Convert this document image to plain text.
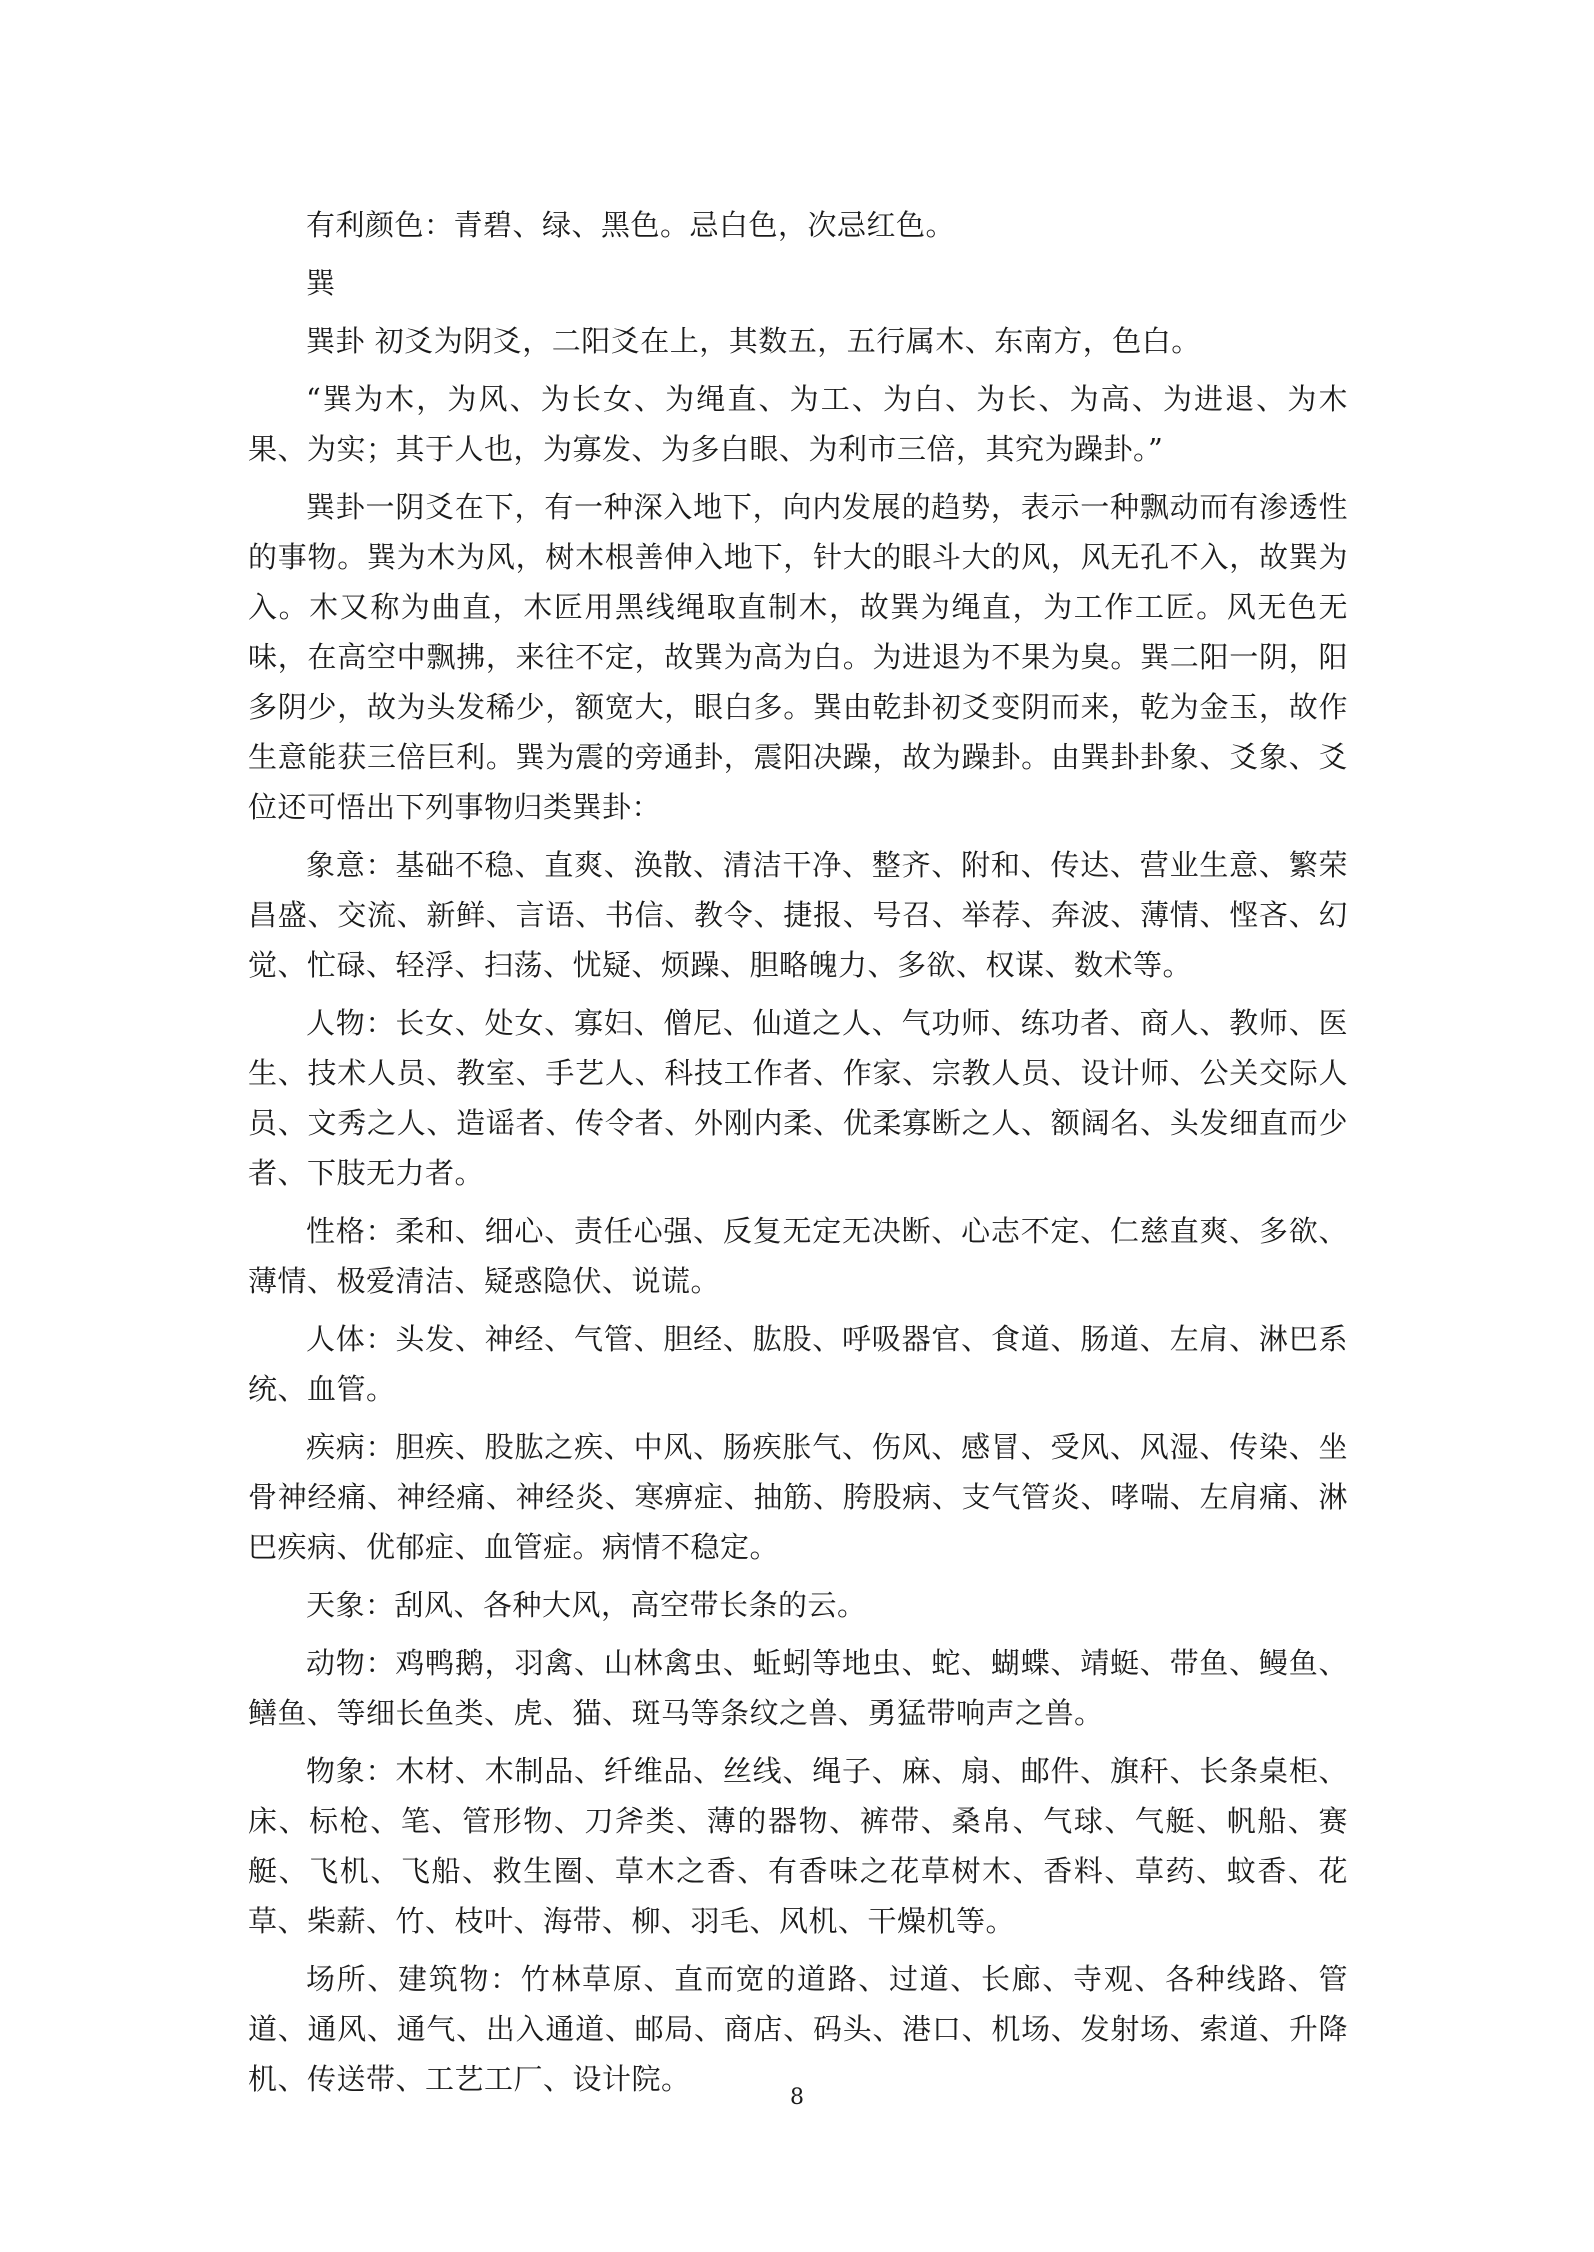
有利颜色：青碧、绿、黑色。忌白色，次忌红色。

巽

巽卦 初爻为阴爻，二阳爻在上，其数五，五行属木、东南方，色白。

“巽为木，为风、为长女、为绳直、为工、为白、为长、为高、为进退、为木果、为实；其于人也，为寡发、为多白眼、为利市三倍，其究为躁卦。”

巽卦一阴爻在下，有一种深入地下，向内发展的趋势，表示一种飘动而有渗透性的事物。巽为木为风，树木根善伸入地下，针大的眼斗大的风，风无孔不入，故巽为入。木又称为曲直，木匠用黑线绳取直制木，故巽为绳直，为工作工匠。风无色无味，在高空中飘拂，来往不定，故巽为高为白。为进退为不果为臭。巽二阳一阴，阳多阴少，故为头发稀少，额宽大，眼白多。巽由乾卦初爻变阴而来，乾为金玉，故作生意能获三倍巨利。巽为震的旁通卦，震阳决躁，故为躁卦。由巽卦卦象、爻象、爻位还可悟出下列事物归类巽卦：

象意：基础不稳、直爽、涣散、清洁干净、整齐、附和、传达、营业生意、繁荣昌盛、交流、新鲜、言语、书信、教令、捷报、号召、举荐、奔波、薄情、悭吝、幻觉、忙碌、轻浮、扫荡、忧疑、烦躁、胆略魄力、多欲、权谋、数术等。

人物：长女、处女、寡妇、僧尼、仙道之人、气功师、练功者、商人、教师、医生、技术人员、教室、手艺人、科技工作者、作家、宗教人员、设计师、公关交际人员、文秀之人、造谣者、传令者、外刚内柔、优柔寡断之人、额阔名、头发细直而少者、下肢无力者。

性格：柔和、细心、责任心强、反复无定无决断、心志不定、仁慈直爽、多欲、薄情、极爱清洁、疑惑隐伏、说谎。

人体：头发、神经、气管、胆经、肱股、呼吸器官、食道、肠道、左肩、淋巴系统、血管。

疾病：胆疾、股肱之疾、中风、肠疾胀气、伤风、感冒、受风、风湿、传染、坐骨神经痛、神经痛、神经炎、寒痹症、抽筋、胯股病、支气管炎、哮喘、左肩痛、淋巴疾病、优郁症、血管症。病情不稳定。

天象：刮风、各种大风，高空带长条的云。

动物：鸡鸭鹅，羽禽、山林禽虫、蚯蚓等地虫、蛇、蝴蝶、靖蜓、带鱼、鳗鱼、鳝鱼、等细长鱼类、虎、猫、斑马等条纹之兽、勇猛带响声之兽。

物象：木材、木制品、纤维品、丝线、绳子、麻、扇、邮件、旗秆、长条桌柜、床、标枪、笔、管形物、刀斧类、薄的器物、裤带、桑帛、气球、气艇、帆船、赛艇、飞机、飞船、救生圈、草木之香、有香味之花草树木、香料、草药、蚊香、花草、柴薪、竹、枝叶、海带、柳、羽毛、风机、干燥机等。

场所、建筑物：竹林草原、直而宽的道路、过道、长廊、寺观、各种线路、管道、通风、通气、出入通道、邮局、商店、码头、港口、机场、发射场、索道、升降机、传送带、工艺工厂、设计院。

8
